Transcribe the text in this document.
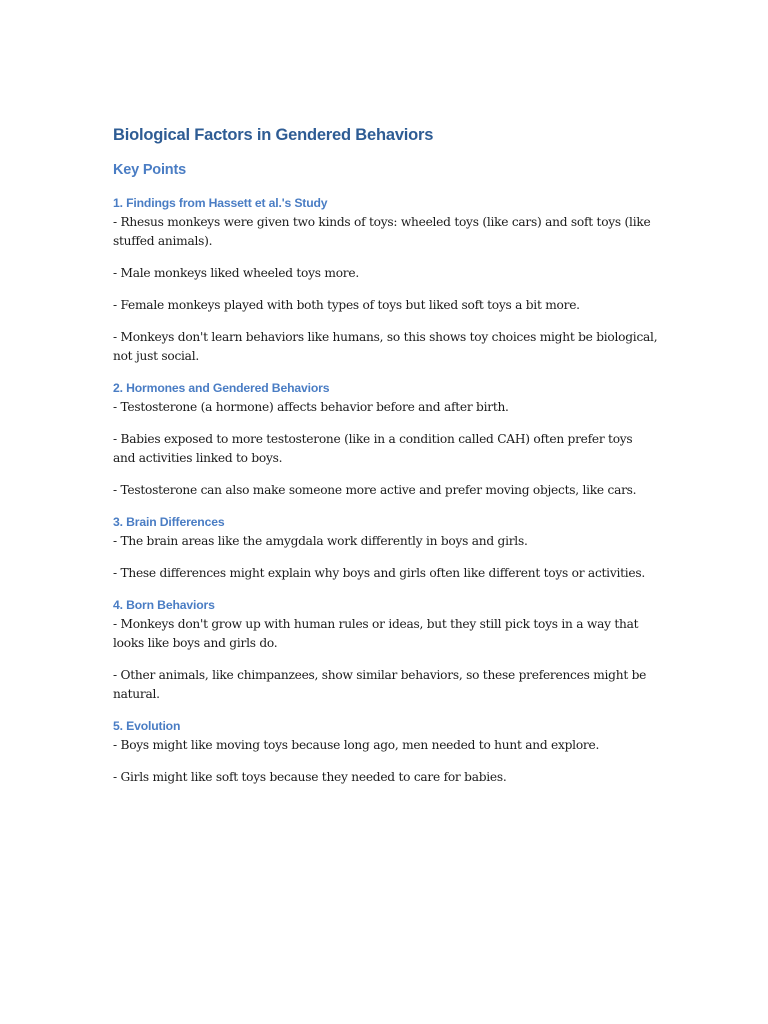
Biological Factors in Gendered Behaviors
Key Points
1. Findings from Hassett et al.'s Study

- Rhesus monkeys were given two kinds of toys: wheeled toys (like cars) and soft toys (like stuffed animals).

- Male monkeys liked wheeled toys more.

- Female monkeys played with both types of toys but liked soft toys a bit more.

- Monkeys don't learn behaviors like humans, so this shows toy choices might be biological, not just social.

2. Hormones and Gendered Behaviors

- Testosterone (a hormone) affects behavior before and after birth.

- Babies exposed to more testosterone (like in a condition called CAH) often prefer toys and activities linked to boys.

- Testosterone can also make someone more active and prefer moving objects, like cars.

3. Brain Differences

- The brain areas like the amygdala work differently in boys and girls.

- These differences might explain why boys and girls often like different toys or activities.

4. Born Behaviors

- Monkeys don't grow up with human rules or ideas, but they still pick toys in a way that looks like boys and girls do.

- Other animals, like chimpanzees, show similar behaviors, so these preferences might be natural.

5. Evolution

- Boys might like moving toys because long ago, men needed to hunt and explore.

- Girls might like soft toys because they needed to care for babies.
